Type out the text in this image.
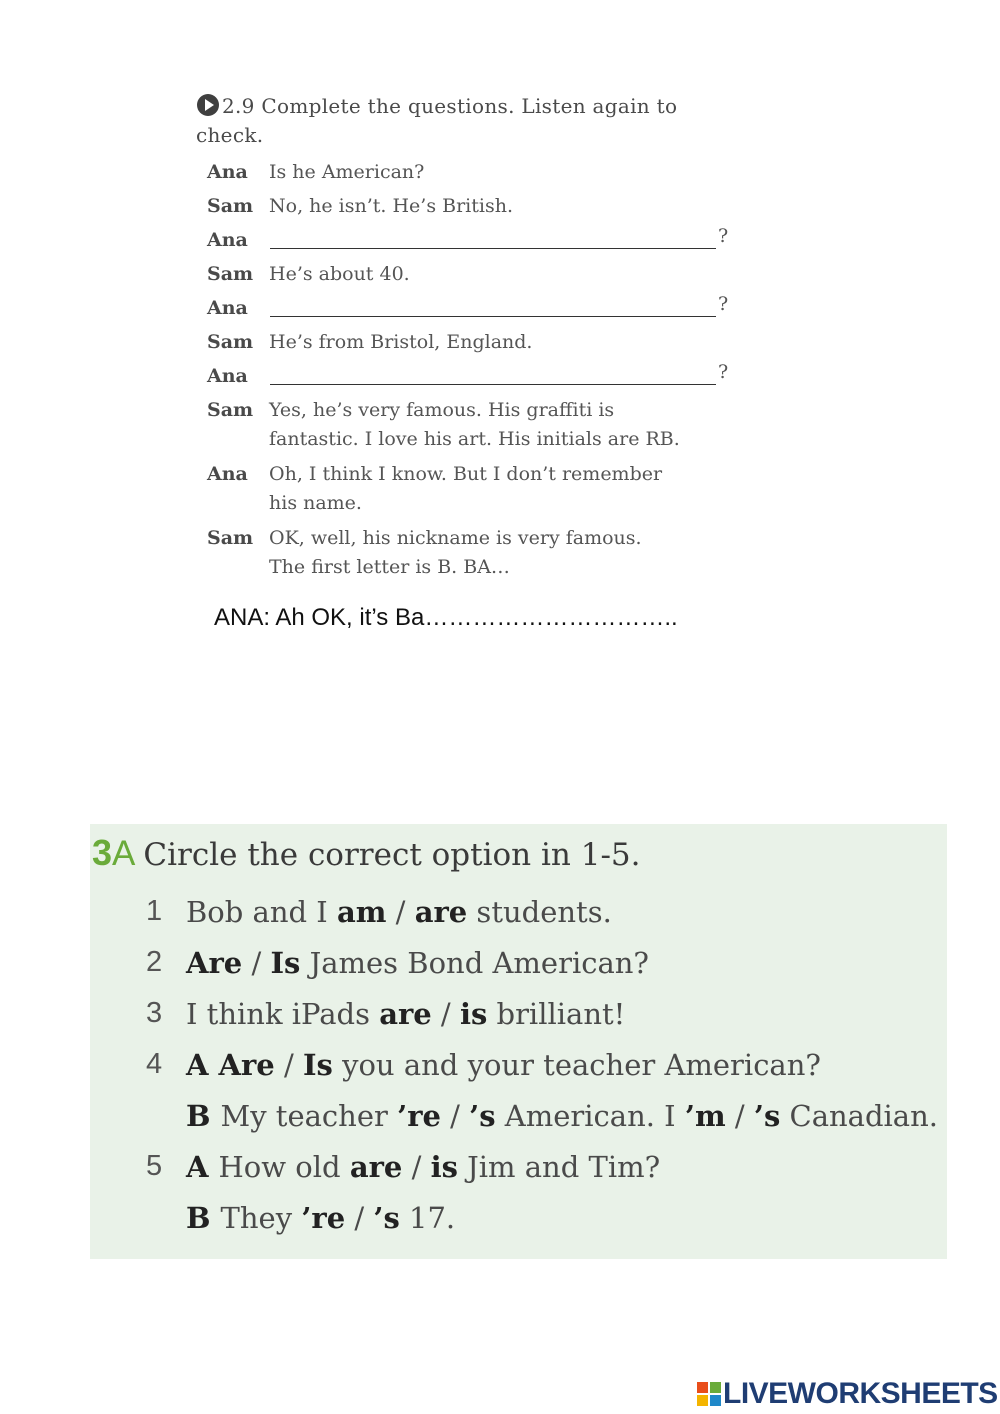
2.9 Complete the questions. Listen again to check.
Ana Is he American?
Sam No, he isn’t. He’s British.
Ana	?
Sam He’s about 40.
Ana	?
Sam He’s from Bristol, England.
Ana	?
Sam Yes, he’s very famous. His graffiti is
fantastic. I love his art. His initials are RB.
Ana Oh, I think I know. But I don’t remember
his name.
Sam OK, well, his nickname is very famous.
The first letter is B. BA…
ANA: Ah OK, it’s Ba…………………………..
3A Circle the correct option in 1-5.
1 Bob and I am / are students.
2 Are / Is James Bond American?
3 I think iPads are / is brilliant!
4 A Are / Is you and your teacher American?
B My teacher ’re / ’s American. I ’m / ’s Canadian.
5 A How old are / is Jim and Tim?
B They ’re / ’s 17.
LIVEWORKSHEETS
